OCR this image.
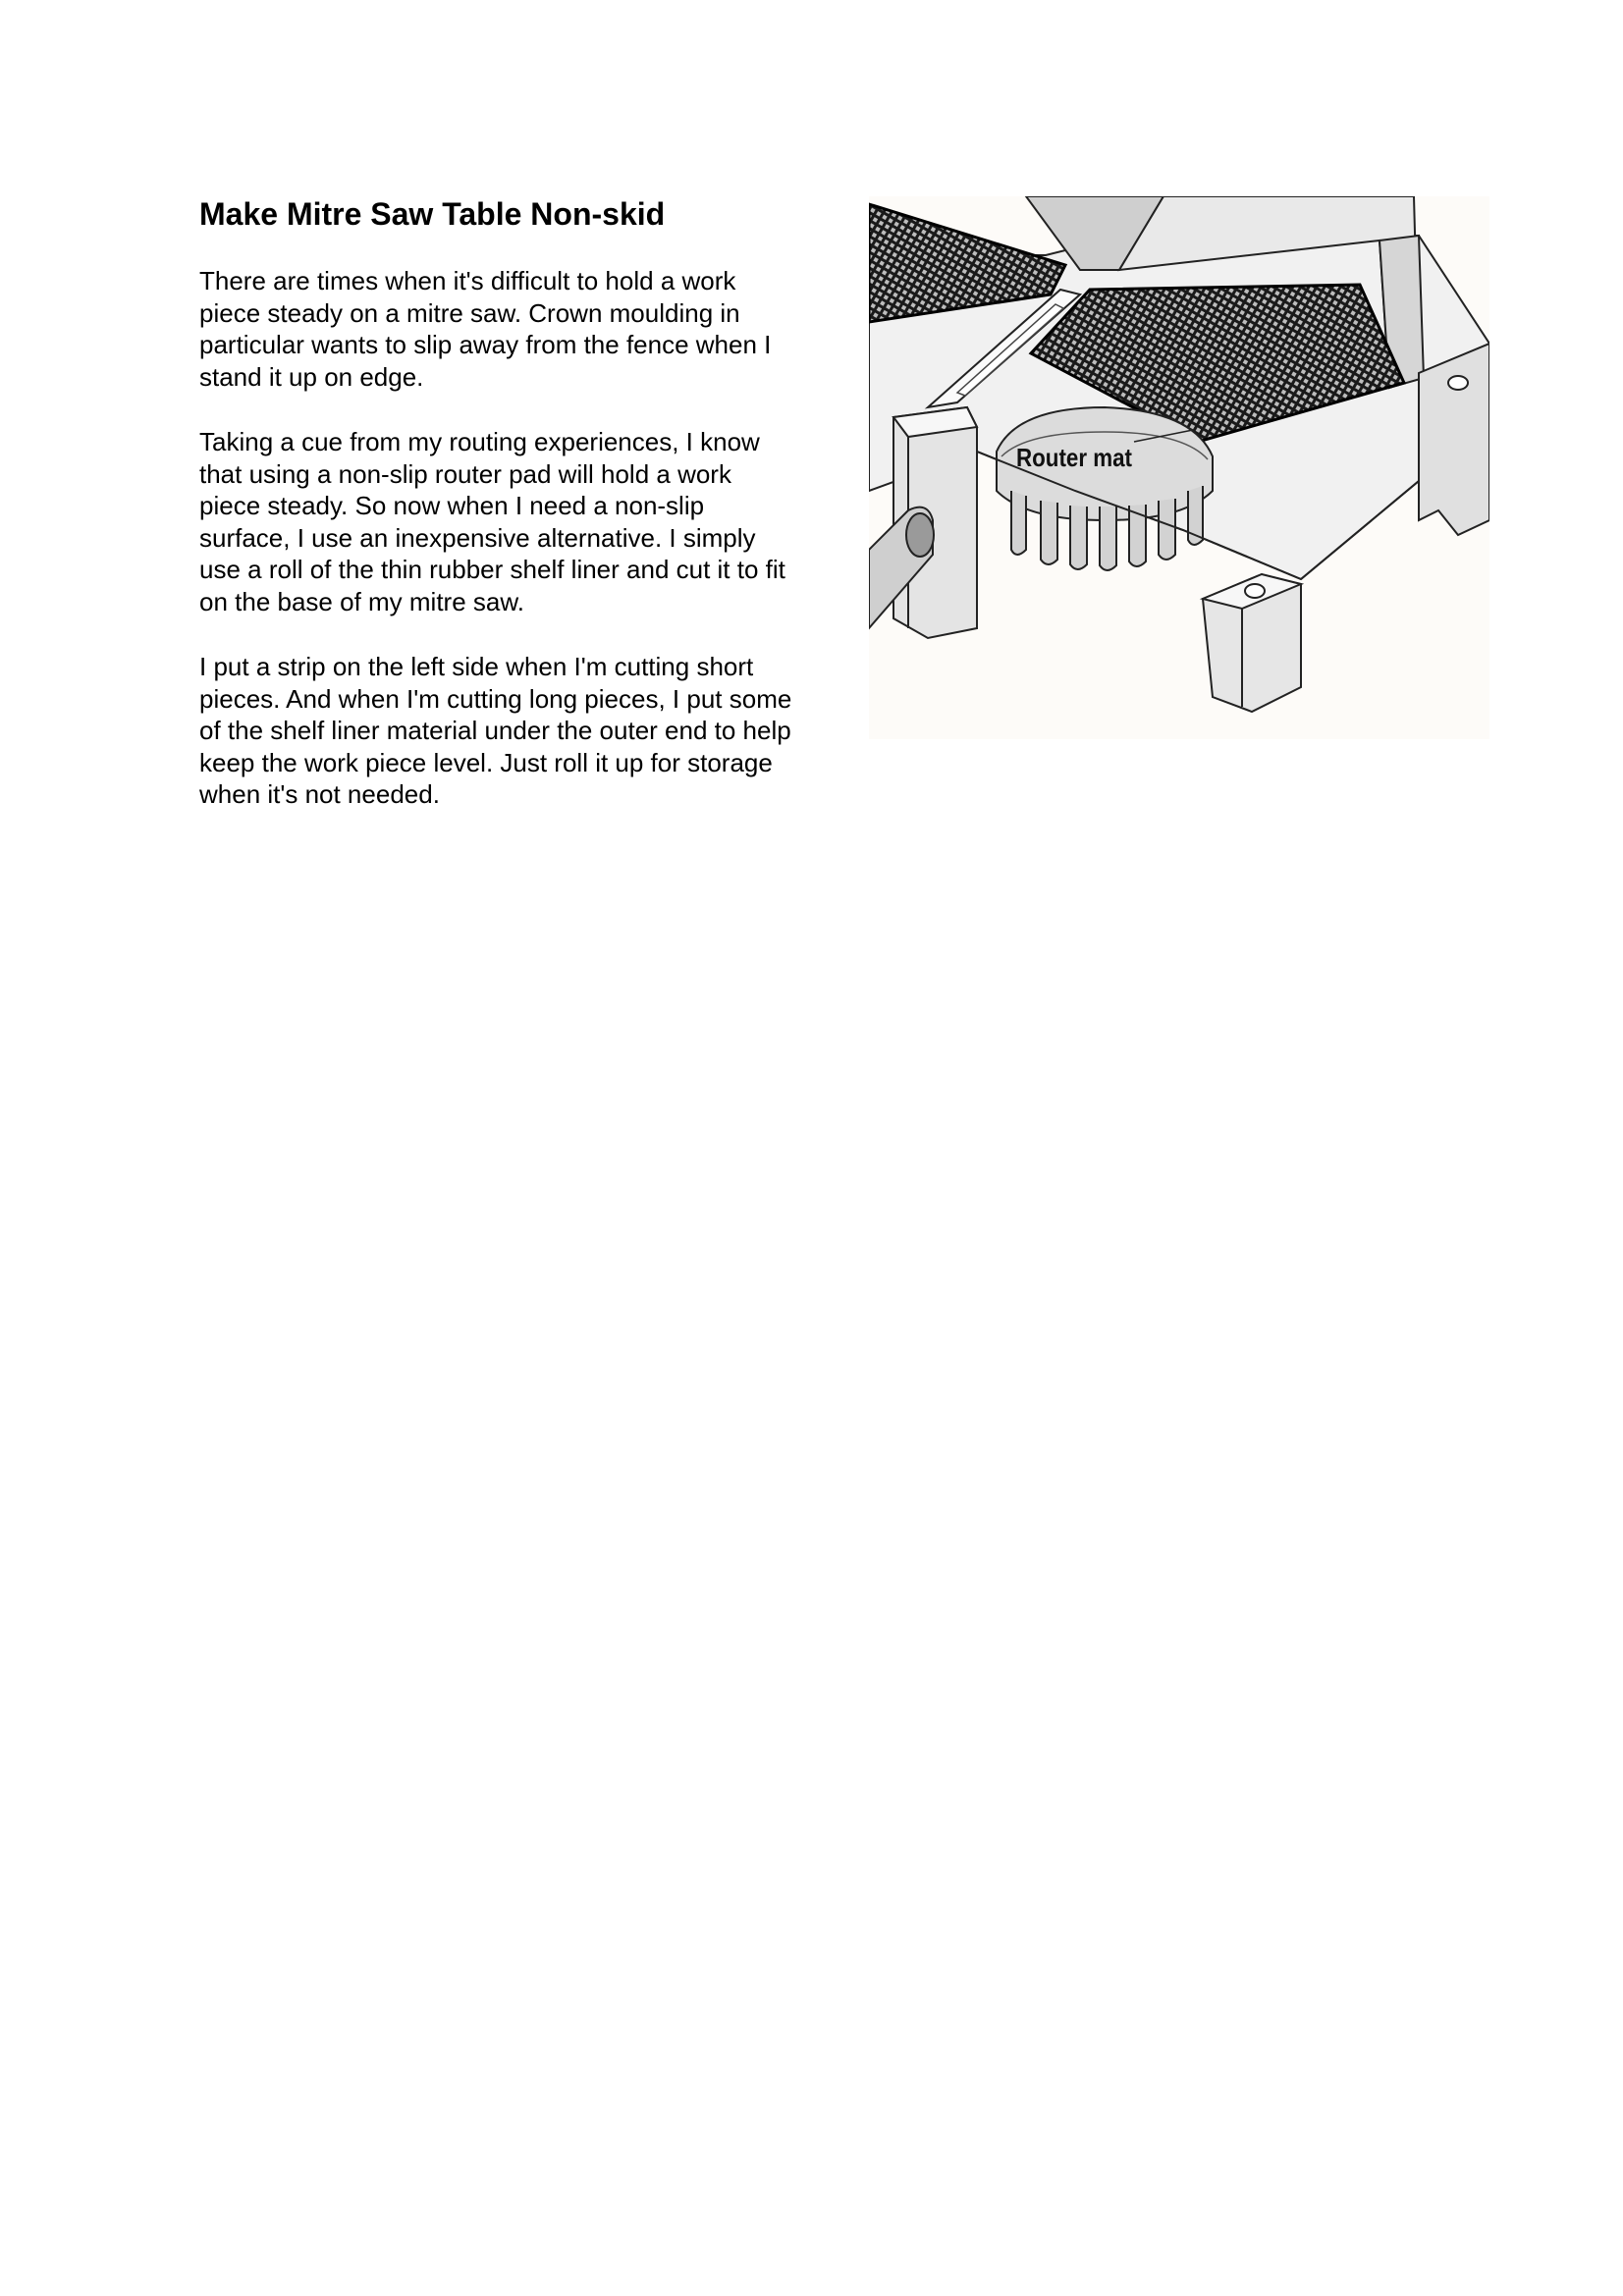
Make Mitre Saw Table Non-skid

There are times when it's difficult to hold a work piece steady on a mitre saw. Crown moulding in particular wants to slip away from the fence when I stand it up on edge.

Taking a cue from my routing experiences, I know that using a non-slip router pad will hold a work piece steady. So now when I need a non-slip surface, I use an inexpensive alternative. I simply use a roll of the thin rubber shelf liner and cut it to fit on the base of my mitre saw.

I put a strip on the left side when I'm cutting short pieces. And when I'm cutting long pieces, I put some of the shelf liner material under the outer end to help keep the work piece level. Just roll it up for storage when it's not needed.

Router mat
